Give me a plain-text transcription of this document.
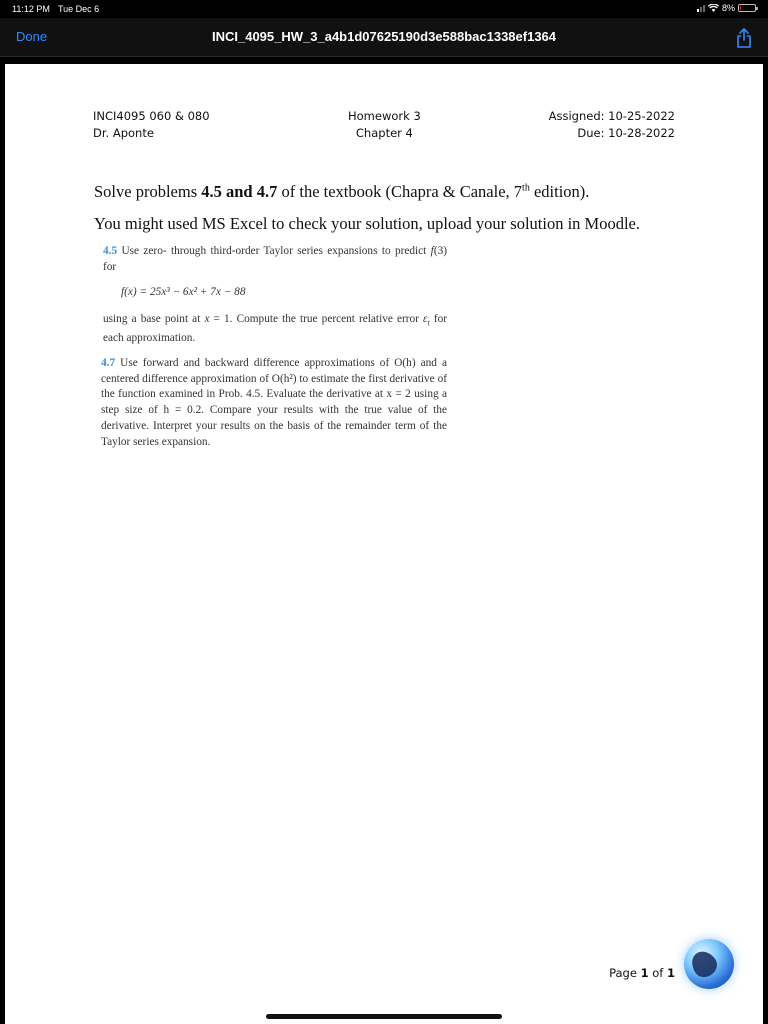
11:12 PM Tue Dec 6	8%
Done	INCI_4095_HW_3_a4b1d07625190d3e588bac1338ef1364
INCI4095 060 & 080
Dr. Aponte
Homework 3
Chapter 4
Assigned: 10-25-2022
Due: 10-28-2022
Solve problems 4.5 and 4.7 of the textbook (Chapra & Canale, 7th edition).
You might used MS Excel to check your solution, upload your solution in Moodle.
4.5 Use zero- through third-order Taylor series expansions to predict f(3) for
f(x) = 25x³ − 6x² + 7x − 88
using a base point at x = 1. Compute the true percent relative error $\varepsilon_t$ for each approximation.
4.7 Use forward and backward difference approximations of O(h) and a centered difference approximation of O(h²) to estimate the first derivative of the function examined in Prob. 4.5. Evaluate the derivative at x = 2 using a step size of h = 0.2. Compare your results with the true value of the derivative. Interpret your results on the basis of the remainder term of the Taylor series expansion.
Page 1 of 1
